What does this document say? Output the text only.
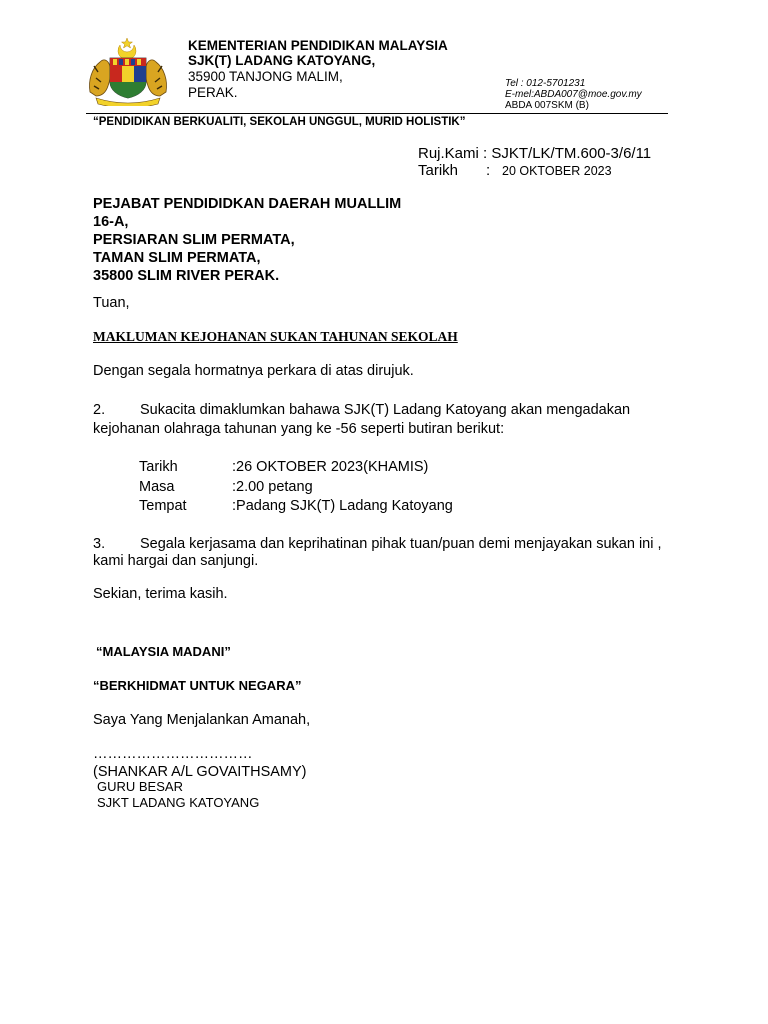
KEMENTERIAN PENDIDIKAN MALAYSIA
SJK(T) LADANG KATOYANG,
35900 TANJONG MALIM,
PERAK.
Tel : 012-5701231
E-mel:ABDA007@moe.gov.my
ABDA 007SKM (B)
“PENDIDIKAN BERKUALITI, SEKOLAH UNGGUL, MURID HOLISTIK”
Ruj.Kami : SJKT/LK/TM.600-3/6/11
Tarikh : 20 OKTOBER 2023
PEJABAT PENDIDIDKAN DAERAH MUALLIM
16-A,
PERSIARAN SLIM PERMATA,
TAMAN SLIM PERMATA,
35800 SLIM RIVER PERAK.
Tuan,
MAKLUMAN KEJOHANAN SUKAN TAHUNAN SEKOLAH
Dengan segala hormatnya perkara di atas dirujuk.
2. Sukacita dimaklumkan bahawa SJK(T) Ladang Katoyang akan mengadakan
kejohanan olahraga tahunan yang ke -56 seperti butiran berikut:
Tarikh	:26 OKTOBER 2023(KHAMIS)
Masa	:2.00 petang
Tempat	:Padang SJK(T) Ladang Katoyang
3. Segala kerjasama dan keprihatinan pihak tuan/puan demi menjayakan sukan ini ,
kami hargai dan sanjungi.
Sekian, terima kasih.
“MALAYSIA MADANI”
“BERKHIDMAT UNTUK NEGARA”
Saya Yang Menjalankan Amanah,
……………………………
(SHANKAR A/L GOVAITHSAMY)
GURU BESAR
SJKT LADANG KATOYANG
